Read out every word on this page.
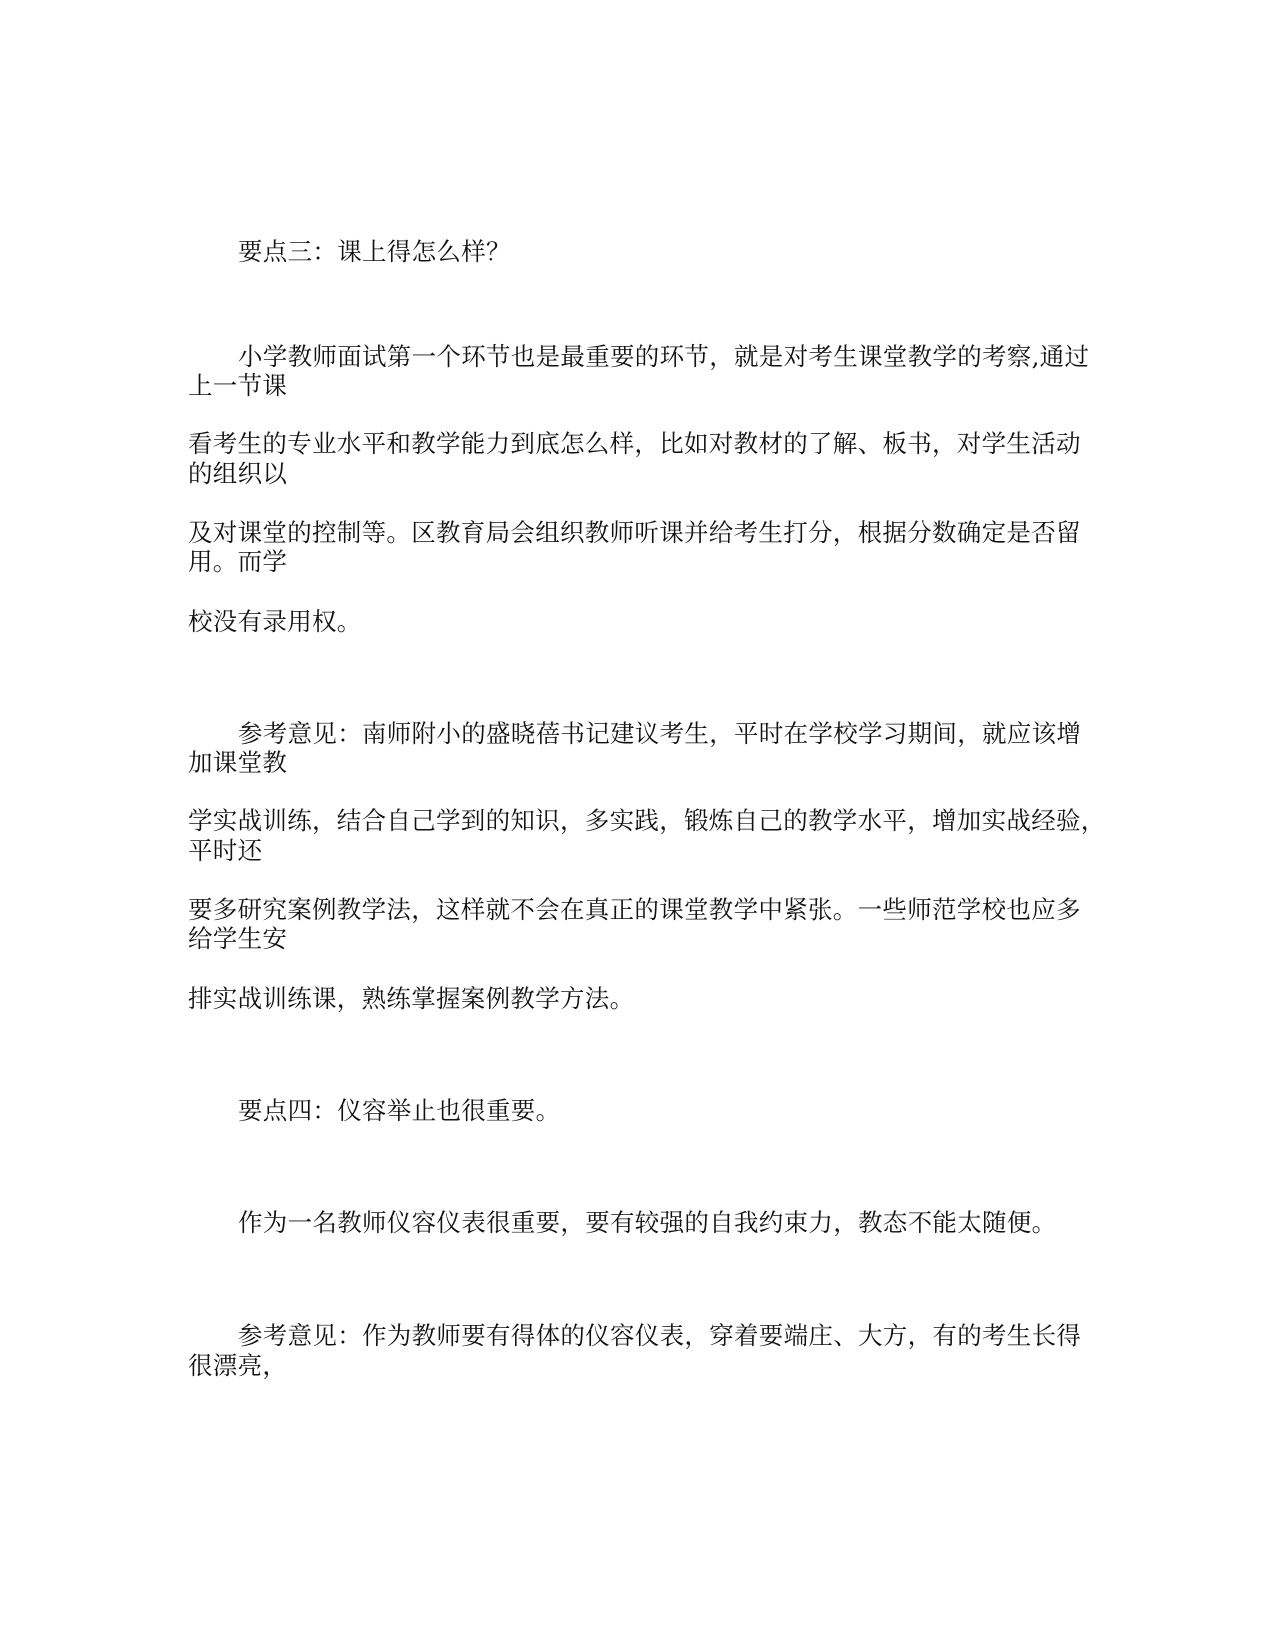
要点三：课上得怎么样？
小学教师面试第一个环节也是最重要的环节，就是对考生课堂教学的考察,通过
上一节课
看考生的专业水平和教学能力到底怎么样，比如对教材的了解、板书，对学生活动
的组织以
及对课堂的控制等。区教育局会组织教师听课并给考生打分，根据分数确定是否留
用。而学
校没有录用权。
参考意见：南师附小的盛晓蓓书记建议考生，平时在学校学习期间，就应该增
加课堂教
学实战训练，结合自己学到的知识，多实践，锻炼自己的教学水平，增加实战经验，
平时还
要多研究案例教学法，这样就不会在真正的课堂教学中紧张。一些师范学校也应多
给学生安
排实战训练课，熟练掌握案例教学方法。
要点四：仪容举止也很重要。
作为一名教师仪容仪表很重要，要有较强的自我约束力，教态不能太随便。
参考意见：作为教师要有得体的仪容仪表，穿着要端庄、大方，有的考生长得
很漂亮，
